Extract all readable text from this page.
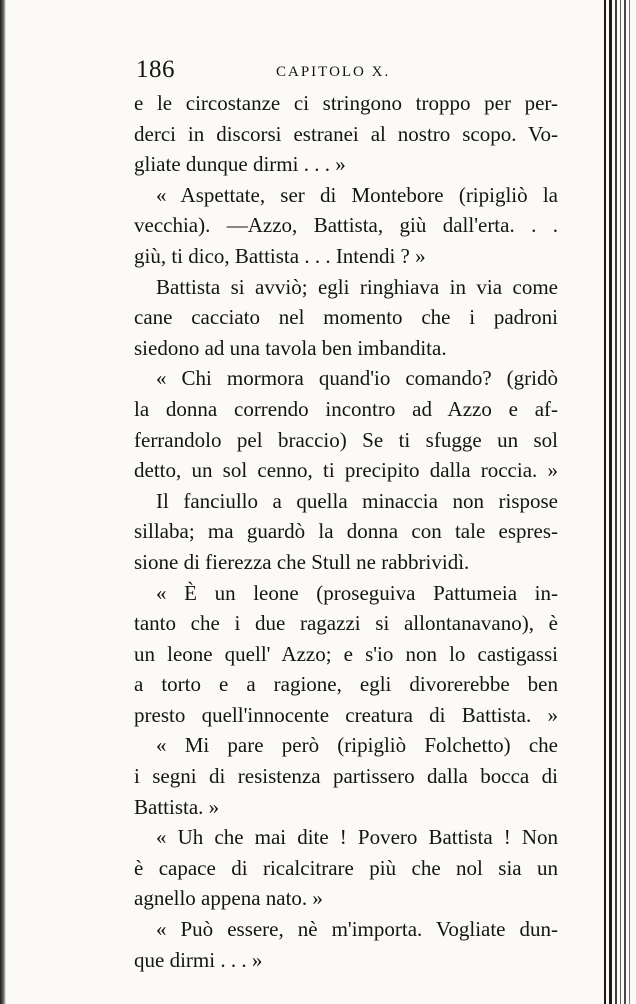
186	CAPITOLO X.
e le circostanze ci stringono troppo per per-
derci in discorsi estranei al nostro scopo. Vo-
gliate dunque dirmi . . . »
« Aspettate, ser di Montebore (ripigliò la
vecchia). —Azzo, Battista, giù dall'erta. . .
giù, ti dico, Battista . . . Intendi ? »
Battista si avviò; egli ringhiava in via come
cane cacciato nel momento che i padroni
siedono ad una tavola ben imbandita.
« Chi mormora quand'io comando? (gridò
la donna correndo incontro ad Azzo e af-
ferrandolo pel braccio) Se ti sfugge un sol
detto, un sol cenno, ti precipito dalla roccia. »
Il fanciullo a quella minaccia non rispose
sillaba; ma guardò la donna con tale espres-
sione di fierezza che Stull ne rabbrividì.
« È un leone (proseguiva Pattumeia in-
tanto che i due ragazzi si allontanavano), è
un leone quell' Azzo; e s'io non lo castigassi
a torto e a ragione, egli divorerebbe ben
presto quell'innocente creatura di Battista. »
« Mi pare però (ripigliò Folchetto) che
i segni di resistenza partissero dalla bocca di
Battista. »
« Uh che mai dite ! Povero Battista ! Non
è capace di ricalcitrare più che nol sia un
agnello appena nato. »
« Può essere, nè m'importa. Vogliate dun-
que dirmi . . . »
